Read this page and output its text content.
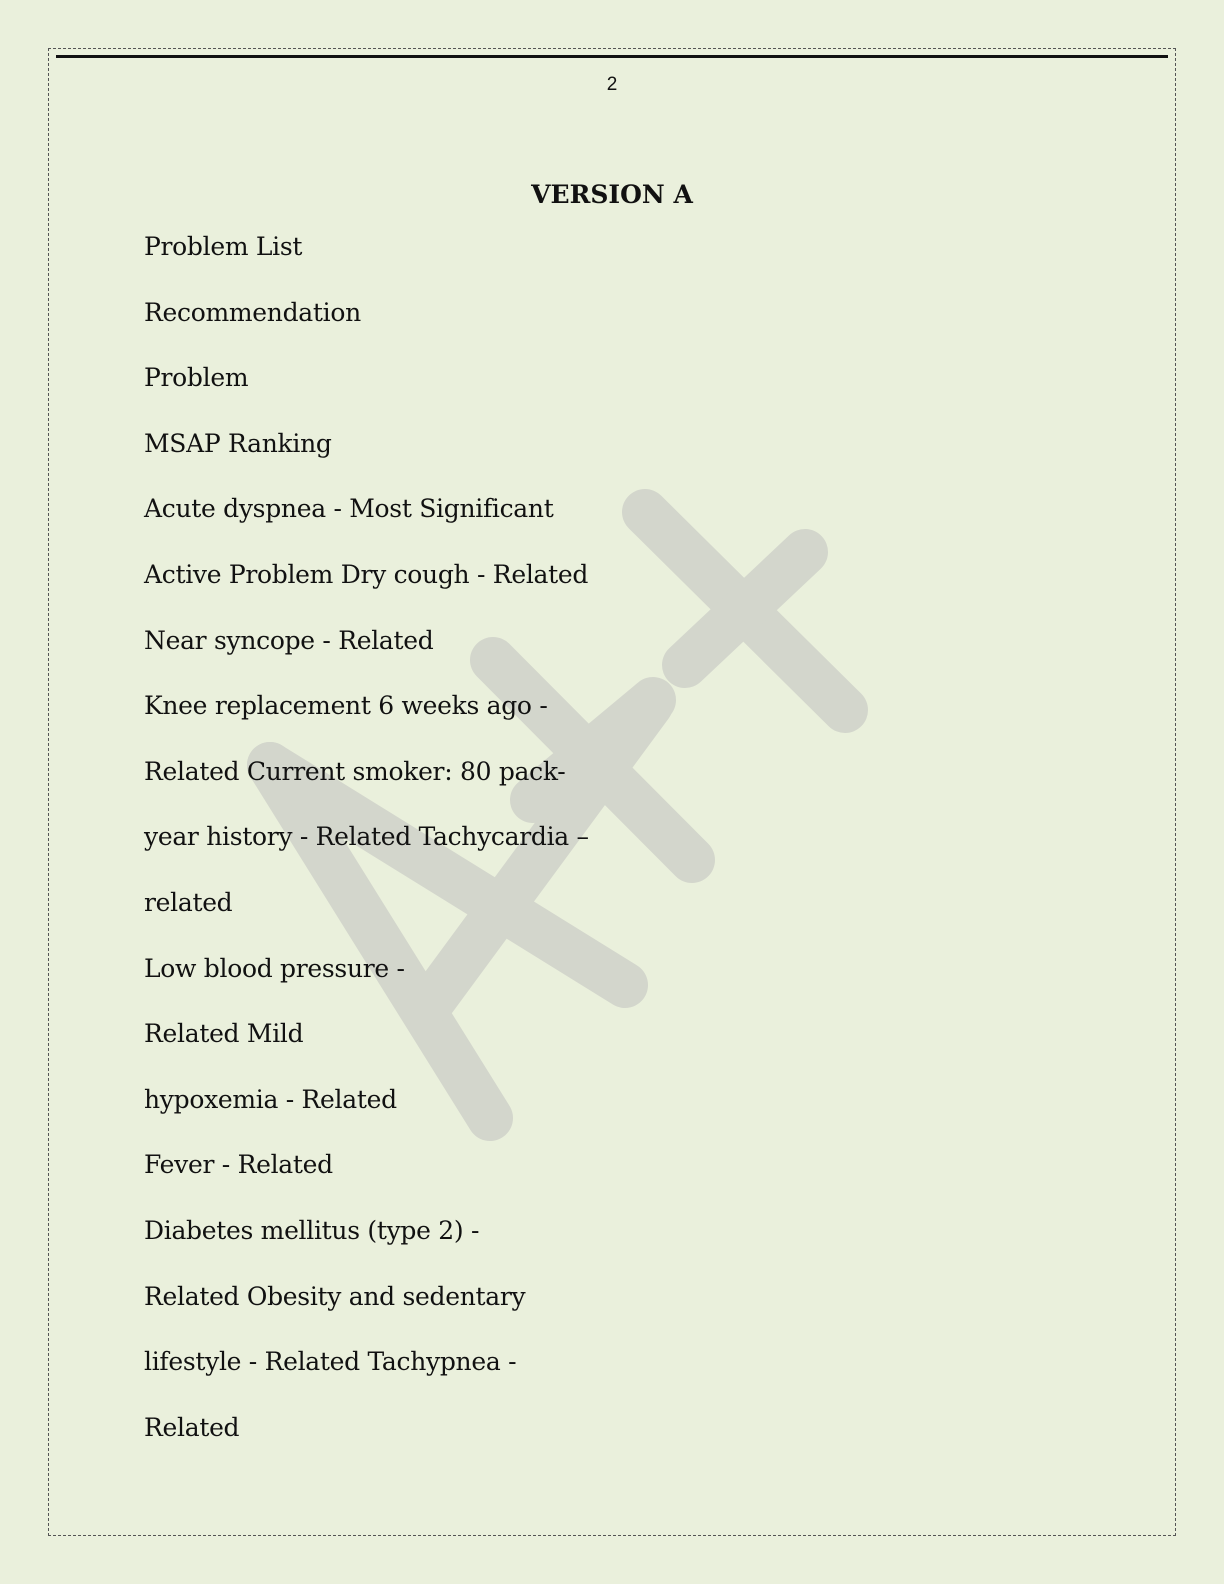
2
VERSION A
Problem List
Recommendation
Problem
MSAP Ranking
Acute dyspnea - Most Significant
Active Problem Dry cough - Related
Near syncope - Related
Knee replacement 6 weeks ago -
Related Current smoker: 80 pack-
year history - Related Tachycardia –
related
Low blood pressure -
Related Mild
hypoxemia - Related
Fever - Related
Diabetes mellitus (type 2) -
Related Obesity and sedentary
lifestyle - Related Tachypnea -
Related
